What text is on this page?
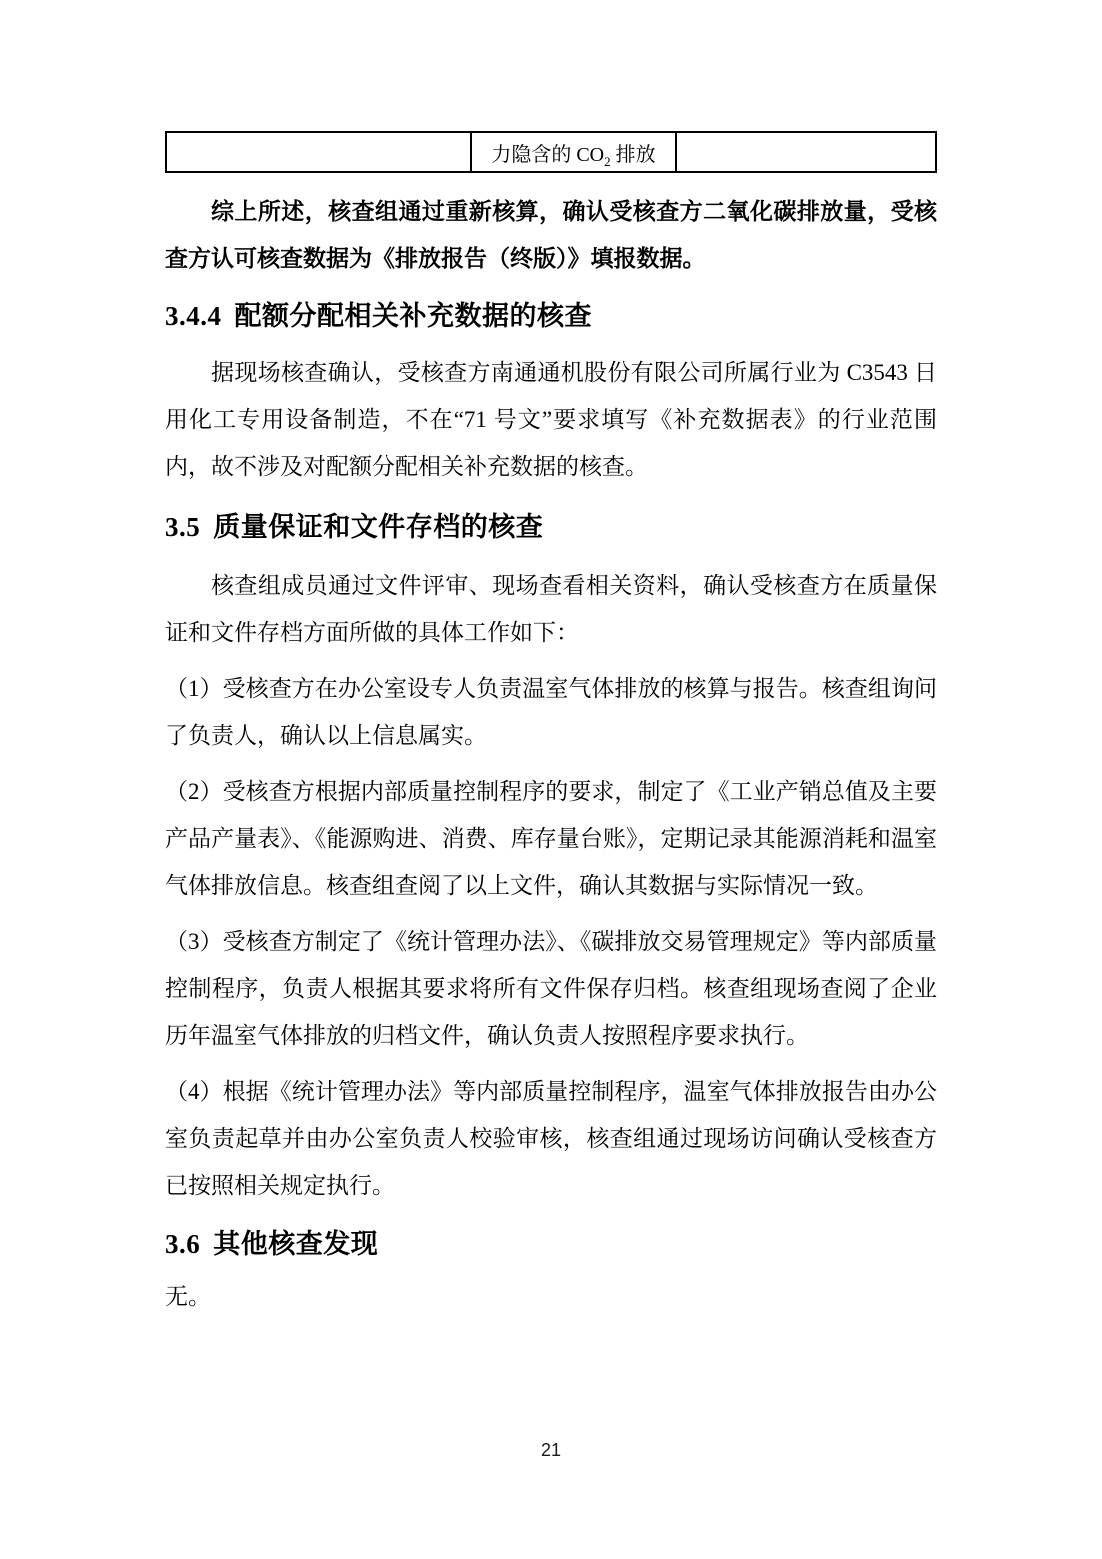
	力隐含的 $CO_2$ 排放	

综上所述，核查组通过重新核算，确认受核查方二氧化碳排放量，受核查方认可核查数据为《排放报告（终版）》填报数据。

3.4.4 配额分配相关补充数据的核查

据现场核查确认，受核查方南通通机股份有限公司所属行业为 C3543 日用化工专用设备制造，不在“71 号文”要求填写《补充数据表》的行业范围内，故不涉及对配额分配相关补充数据的核查。

3.5 质量保证和文件存档的核查

核查组成员通过文件评审、现场查看相关资料，确认受核查方在质量保证和文件存档方面所做的具体工作如下：

（1）受核查方在办公室设专人负责温室气体排放的核算与报告。核查组询问了负责人，确认以上信息属实。

（2）受核查方根据内部质量控制程序的要求，制定了《工业产销总值及主要产品产量表》、《能源购进、消费、库存量台账》，定期记录其能源消耗和温室气体排放信息。核查组查阅了以上文件，确认其数据与实际情况一致。

（3）受核查方制定了《统计管理办法》、《碳排放交易管理规定》等内部质量控制程序，负责人根据其要求将所有文件保存归档。核查组现场查阅了企业历年温室气体排放的归档文件，确认负责人按照程序要求执行。

（4）根据《统计管理办法》等内部质量控制程序，温室气体排放报告由办公室负责起草并由办公室负责人校验审核，核查组通过现场访问确认受核查方已按照相关规定执行。

3.6 其他核查发现

无。

21
